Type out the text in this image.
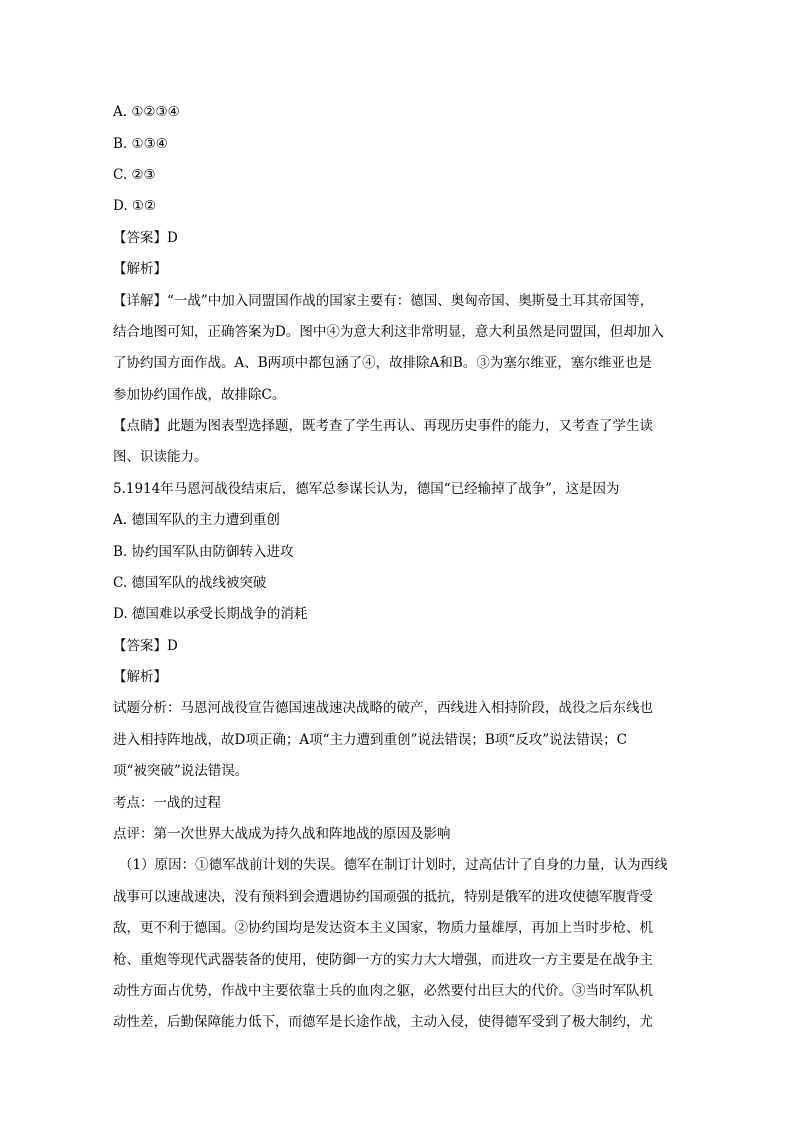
A. ①②③④
B. ①③④
C. ②③
D. ①②
【答案】D
【解析】
【详解】“一战”中加入同盟国作战的国家主要有：德国、奥匈帝国、奥斯曼土耳其帝国等，
结合地图可知，正确答案为D。图中④为意大利这非常明显，意大利虽然是同盟国，但却加入
了协约国方面作战。A、B两项中都包涵了④，故排除A和B。③为塞尔维亚，塞尔维亚也是
参加协约国作战，故排除C。
【点睛】此题为图表型选择题，既考查了学生再认、再现历史事件的能力，又考查了学生读
图、识读能力。
5.1914年马恩河战役结束后，德军总参谋长认为，德国“已经输掉了战争”，这是因为
A. 德国军队的主力遭到重创
B. 协约国军队由防御转入进攻
C. 德国军队的战线被突破
D. 德国难以承受长期战争的消耗
【答案】D
【解析】
试题分析：马恩河战役宣告德国速战速决战略的破产，西线进入相持阶段，战役之后东线也
进入相持阵地战，故D项正确；A项“主力遭到重创”说法错误；B项“反攻”说法错误；C
项“被突破”说法错误。
考点：一战的过程
点评：第一次世界大战成为持久战和阵地战的原因及影响
（1）原因：①德军战前计划的失误。德军在制订计划时，过高估计了自身的力量，认为西线
战事可以速战速决，没有预料到会遭遇协约国顽强的抵抗，特别是俄军的进攻使德军腹背受
敌，更不利于德国。②协约国均是发达资本主义国家，物质力量雄厚，再加上当时步枪、机
枪、重炮等现代武器装备的使用，使防御一方的实力大大增强，而进攻一方主要是在战争主
动性方面占优势，作战中主要依靠士兵的血肉之躯，必然要付出巨大的代价。③当时军队机
动性差，后勤保障能力低下，而德军是长途作战，主动入侵，使得德军受到了极大制约，尤
